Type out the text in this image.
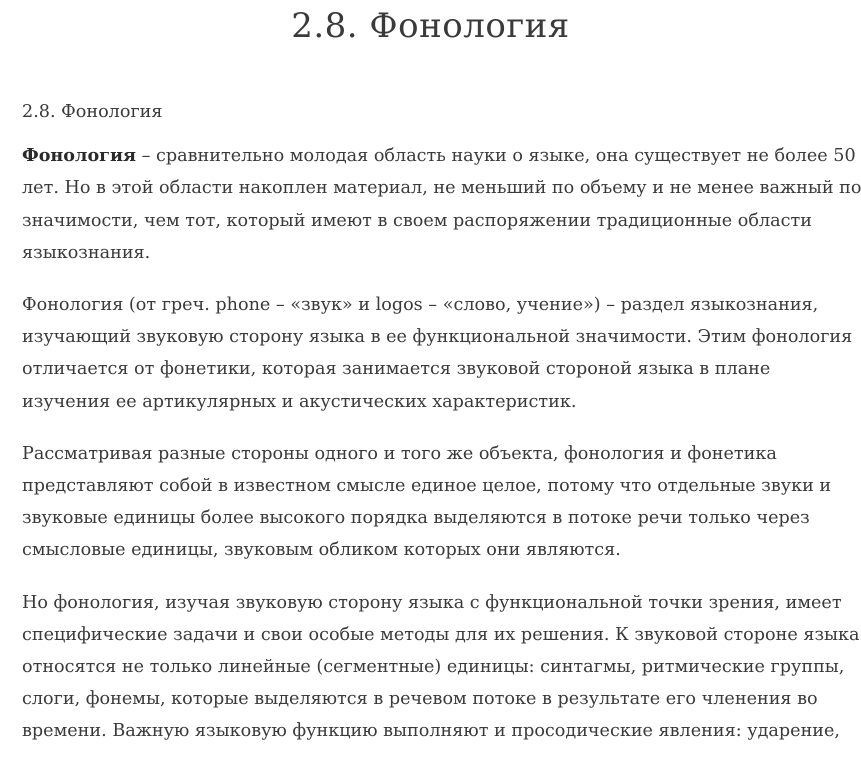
2.8. Фонология

2.8. Фонология

Фонология – сравнительно молодая область науки о языке, она существует не более 50 лет. Но в этой области накоплен материал, не меньший по объему и не менее важный по значимости, чем тот, который имеют в своем распоряжении традиционные области языкознания.

Фонология (от греч. phone – «звук» и logos – «слово, учение») – раздел языкознания, изучающий звуковую сторону языка в ее функциональной значимости. Этим фонология отличается от фонетики, которая занимается звуковой стороной языка в плане изучения ее артикулярных и акустических характеристик.

Рассматривая разные стороны одного и того же объекта, фонология и фонетика представляют собой в известном смысле единое целое, потому что отдельные звуки и звуковые единицы более высокого порядка выделяются в потоке речи только через смысловые единицы, звуковым обликом которых они являются.

Но фонология, изучая звуковую сторону языка с функциональной точки зрения, имеет специфические задачи и свои особые методы для их решения. К звуковой стороне языка относятся не только линейные (сегментные) единицы: синтагмы, ритмические группы, слоги, фонемы, которые выделяются в речевом потоке в результате его членения во времени. Важную языковую функцию выполняют и просодические явления: ударение,
